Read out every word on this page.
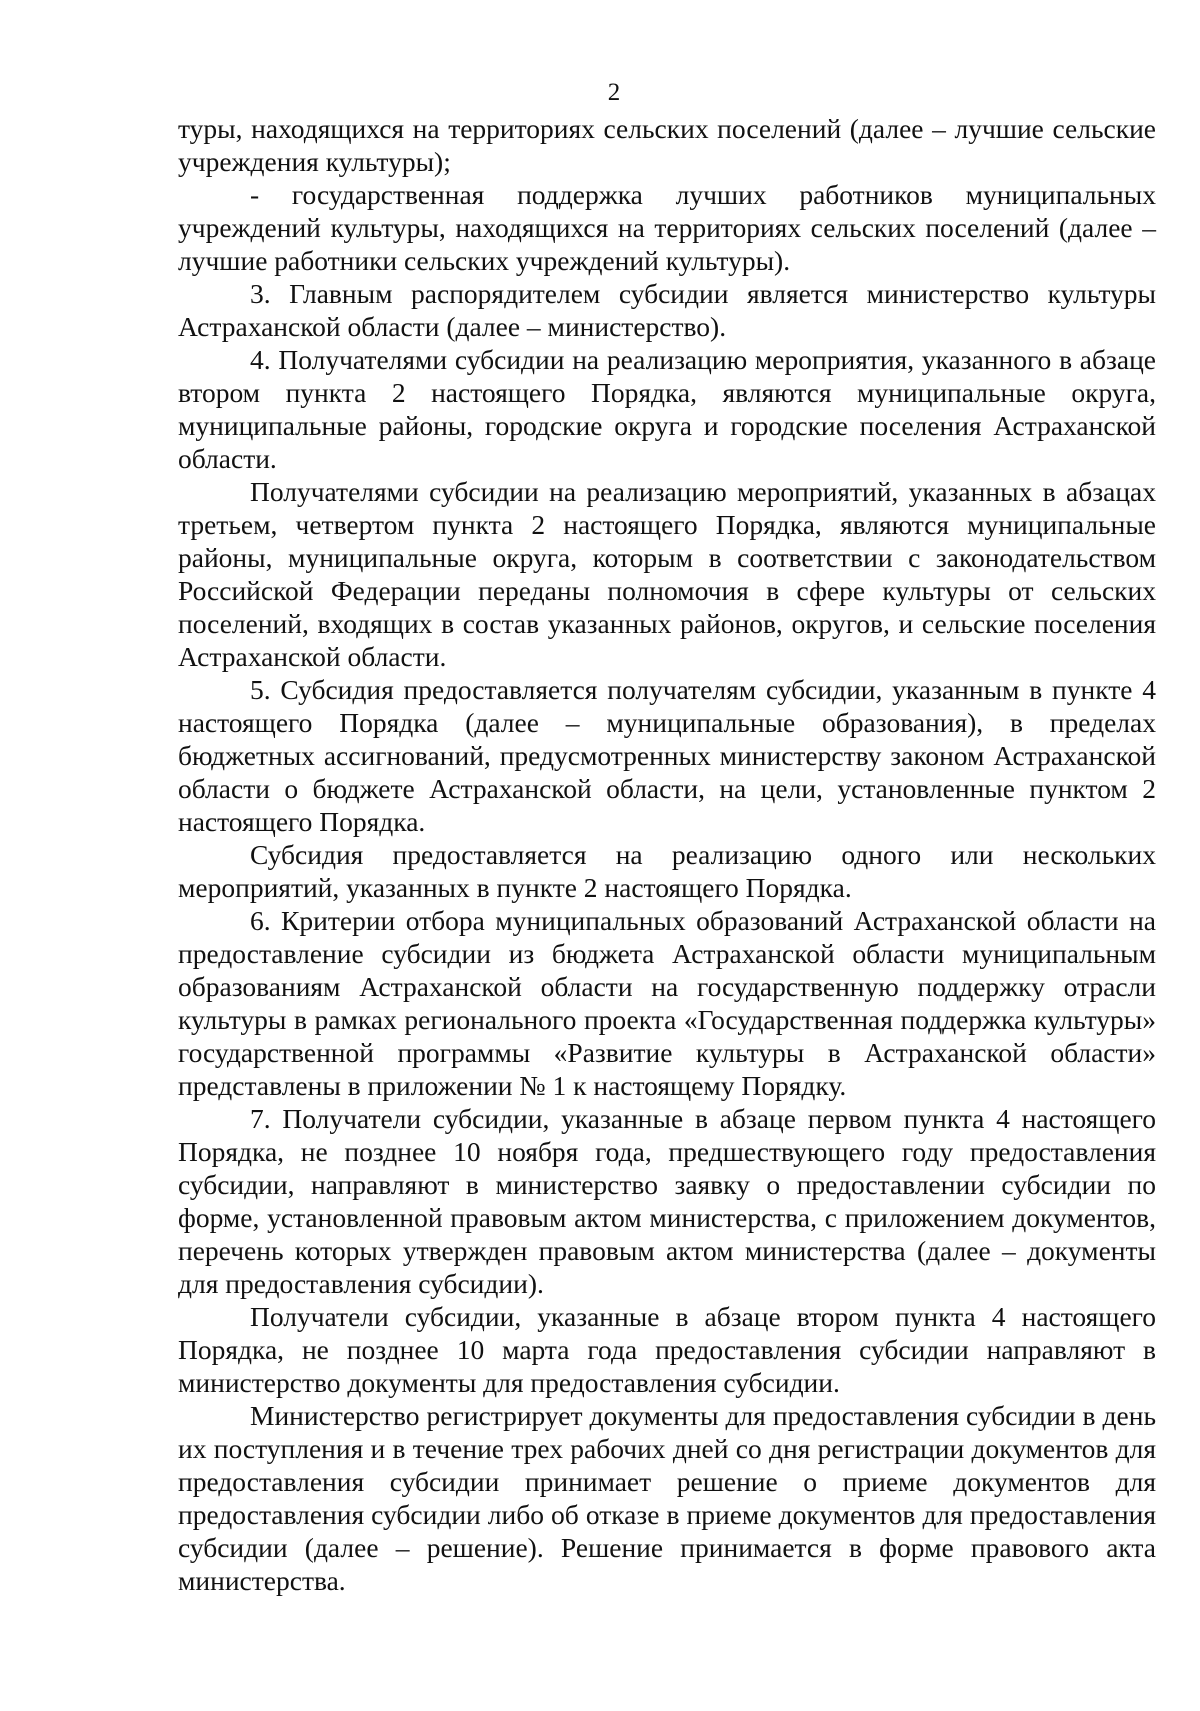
2

туры, находящихся на территориях сельских поселений (далее – лучшие сельские учреждения культуры);

- государственная поддержка лучших работников муниципальных учреждений культуры, находящихся на территориях сельских поселений (далее – лучшие работники сельских учреждений культуры).

3. Главным распорядителем субсидии является министерство культуры Астраханской области (далее – министерство).

4. Получателями субсидии на реализацию мероприятия, указанного в абзаце втором пункта 2 настоящего Порядка, являются муниципальные округа, муниципальные районы, городские округа и городские поселения Астраханской области.

Получателями субсидии на реализацию мероприятий, указанных в абзацах третьем, четвертом пункта 2 настоящего Порядка, являются муниципальные районы, муниципальные округа, которым в соответствии с законодательством Российской Федерации переданы полномочия в сфере культуры от сельских поселений, входящих в состав указанных районов, округов, и сельские поселения Астраханской области.

5. Субсидия предоставляется получателям субсидии, указанным в пункте 4 настоящего Порядка (далее – муниципальные образования), в пределах бюджетных ассигнований, предусмотренных министерству законом Астраханской области о бюджете Астраханской области, на цели, установленные пунктом 2 настоящего Порядка.

Субсидия предоставляется на реализацию одного или нескольких мероприятий, указанных в пункте 2 настоящего Порядка.

6. Критерии отбора муниципальных образований Астраханской области на предоставление субсидии из бюджета Астраханской области муниципальным образованиям Астраханской области на государственную поддержку отрасли культуры в рамках регионального проекта «Государственная поддержка культуры» государственной программы «Развитие культуры в Астраханской области» представлены в приложении № 1 к настоящему Порядку.

7. Получатели субсидии, указанные в абзаце первом пункта 4 настоящего Порядка, не позднее 10 ноября года, предшествующего году предоставления субсидии, направляют в министерство заявку о предоставлении субсидии по форме, установленной правовым актом министерства, с приложением документов, перечень которых утвержден правовым актом министерства (далее – документы для предоставления субсидии).

Получатели субсидии, указанные в абзаце втором пункта 4 настоящего Порядка, не позднее 10 марта года предоставления субсидии направляют в министерство документы для предоставления субсидии.

Министерство регистрирует документы для предоставления субсидии в день их поступления и в течение трех рабочих дней со дня регистрации документов для предоставления субсидии принимает решение о приеме документов для предоставления субсидии либо об отказе в приеме документов для предоставления субсидии (далее – решение). Решение принимается в форме правового акта министерства.
